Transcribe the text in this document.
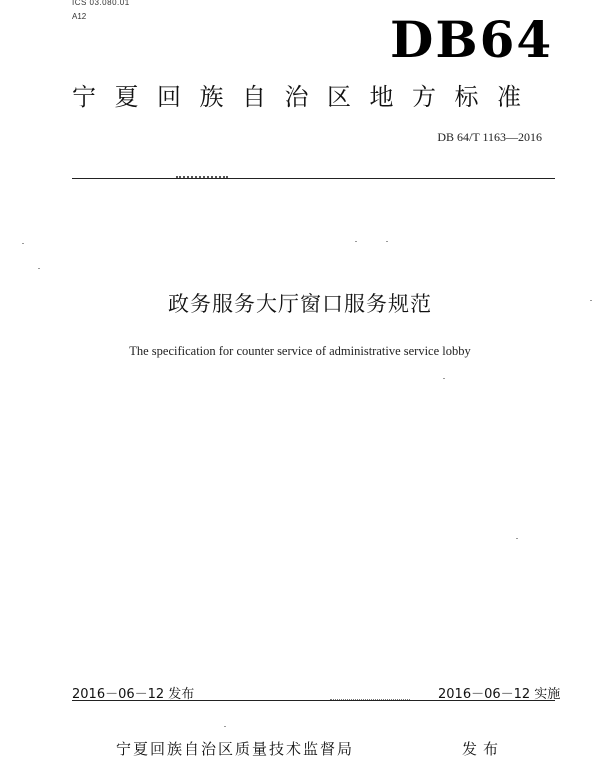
ICS 03.080.01
A12	DB64
宁夏回族自治区地方标准
DB 64/T 1163—2016
政务服务大厅窗口服务规范
The specification for counter service of administrative service lobby
2016－06－12 发布	2016－06－12 实施
宁夏回族自治区质量技术监督局	发布
